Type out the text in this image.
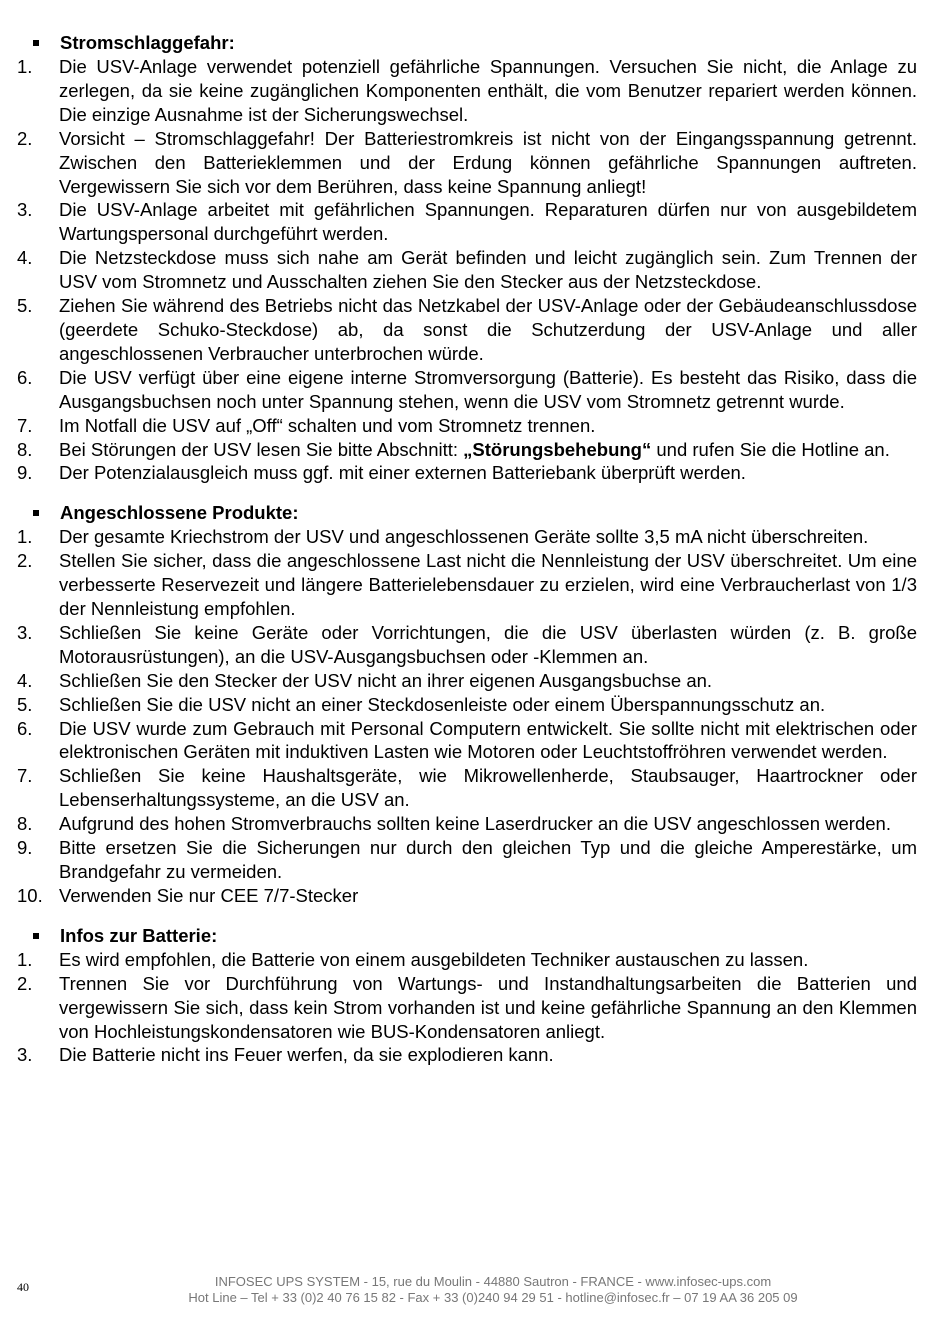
Stromschlaggefahr:
1.	Die USV-Anlage verwendet potenziell gefährliche Spannungen. Versuchen Sie nicht, die Anlage zu zerlegen, da sie keine zugänglichen Komponenten enthält, die vom Benutzer repariert werden können. Die einzige Ausnahme ist der Sicherungswechsel.
2.	Vorsicht – Stromschlaggefahr! Der Batteriestromkreis ist nicht von der Eingangsspannung getrennt. Zwischen den Batterieklemmen und der Erdung können gefährliche Spannungen auftreten. Vergewissern Sie sich vor dem Berühren, dass keine Spannung anliegt!
3.	Die USV-Anlage arbeitet mit gefährlichen Spannungen. Reparaturen dürfen nur von ausgebildetem Wartungspersonal durchgeführt werden.
4.	Die Netzsteckdose muss sich nahe am Gerät befinden und leicht zugänglich sein. Zum Trennen der USV vom Stromnetz und Ausschalten ziehen Sie den Stecker aus der Netzsteckdose.
5.	Ziehen Sie während des Betriebs nicht das Netzkabel der USV-Anlage oder der Gebäudeanschlussdose (geerdete Schuko-Steckdose) ab, da sonst die Schutzerdung der USV-Anlage und aller angeschlossenen Verbraucher unterbrochen würde.
6.	Die USV verfügt über eine eigene interne Stromversorgung (Batterie). Es besteht das Risiko, dass die Ausgangsbuchsen noch unter Spannung stehen, wenn die USV vom Stromnetz getrennt wurde.
7.	Im Notfall die USV auf „Off“ schalten und vom Stromnetz trennen.
8.	Bei Störungen der USV lesen Sie bitte Abschnitt: „Störungsbehebung“ und rufen Sie die Hotline an.
9.	Der Potenzialausgleich muss ggf. mit einer externen Batteriebank überprüft werden.
Angeschlossene Produkte:
1.	Der gesamte Kriechstrom der USV und angeschlossenen Geräte sollte 3,5 mA nicht überschreiten.
2.	Stellen Sie sicher, dass die angeschlossene Last nicht die Nennleistung der USV überschreitet. Um eine verbesserte Reservezeit und längere Batterielebensdauer zu erzielen, wird eine Verbraucherlast von 1/3 der Nennleistung empfohlen.
3.	Schließen Sie keine Geräte oder Vorrichtungen, die die USV überlasten würden (z. B. große Motorausrüstungen), an die USV-Ausgangsbuchsen oder -Klemmen an.
4.	Schließen Sie den Stecker der USV nicht an ihrer eigenen Ausgangsbuchse an.
5.	Schließen Sie die USV nicht an einer Steckdosenleiste oder einem Überspannungsschutz an.
6.	Die USV wurde zum Gebrauch mit Personal Computern entwickelt. Sie sollte nicht mit elektrischen oder elektronischen Geräten mit induktiven Lasten wie Motoren oder Leuchtstoffröhren verwendet werden.
7.	Schließen Sie keine Haushaltsgeräte, wie Mikrowellenherde, Staubsauger, Haartrockner oder Lebenserhaltungssysteme, an die USV an.
8.	Aufgrund des hohen Stromverbrauchs sollten keine Laserdrucker an die USV angeschlossen werden.
9.	Bitte ersetzen Sie die Sicherungen nur durch den gleichen Typ und die gleiche Amperestärke, um Brandgefahr zu vermeiden.
10. Verwenden Sie nur CEE 7/7-Stecker
Infos zur Batterie:
1.	Es wird empfohlen, die Batterie von einem ausgebildeten Techniker austauschen zu lassen.
2.	Trennen Sie vor Durchführung von Wartungs- und Instandhaltungsarbeiten die Batterien und vergewissern Sie sich, dass kein Strom vorhanden ist und keine gefährliche Spannung an den Klemmen von Hochleistungskondensatoren wie BUS-Kondensatoren anliegt.
3.	Die Batterie nicht ins Feuer werfen, da sie explodieren kann.
40	INFOSEC UPS SYSTEM - 15, rue du Moulin - 44880 Sautron - FRANCE - www.infosec-ups.com
Hot Line – Tel + 33 (0)2 40 76 15 82 - Fax + 33 (0)240 94 29 51 - hotline@infosec.fr – 07 19 AA 36 205 09
